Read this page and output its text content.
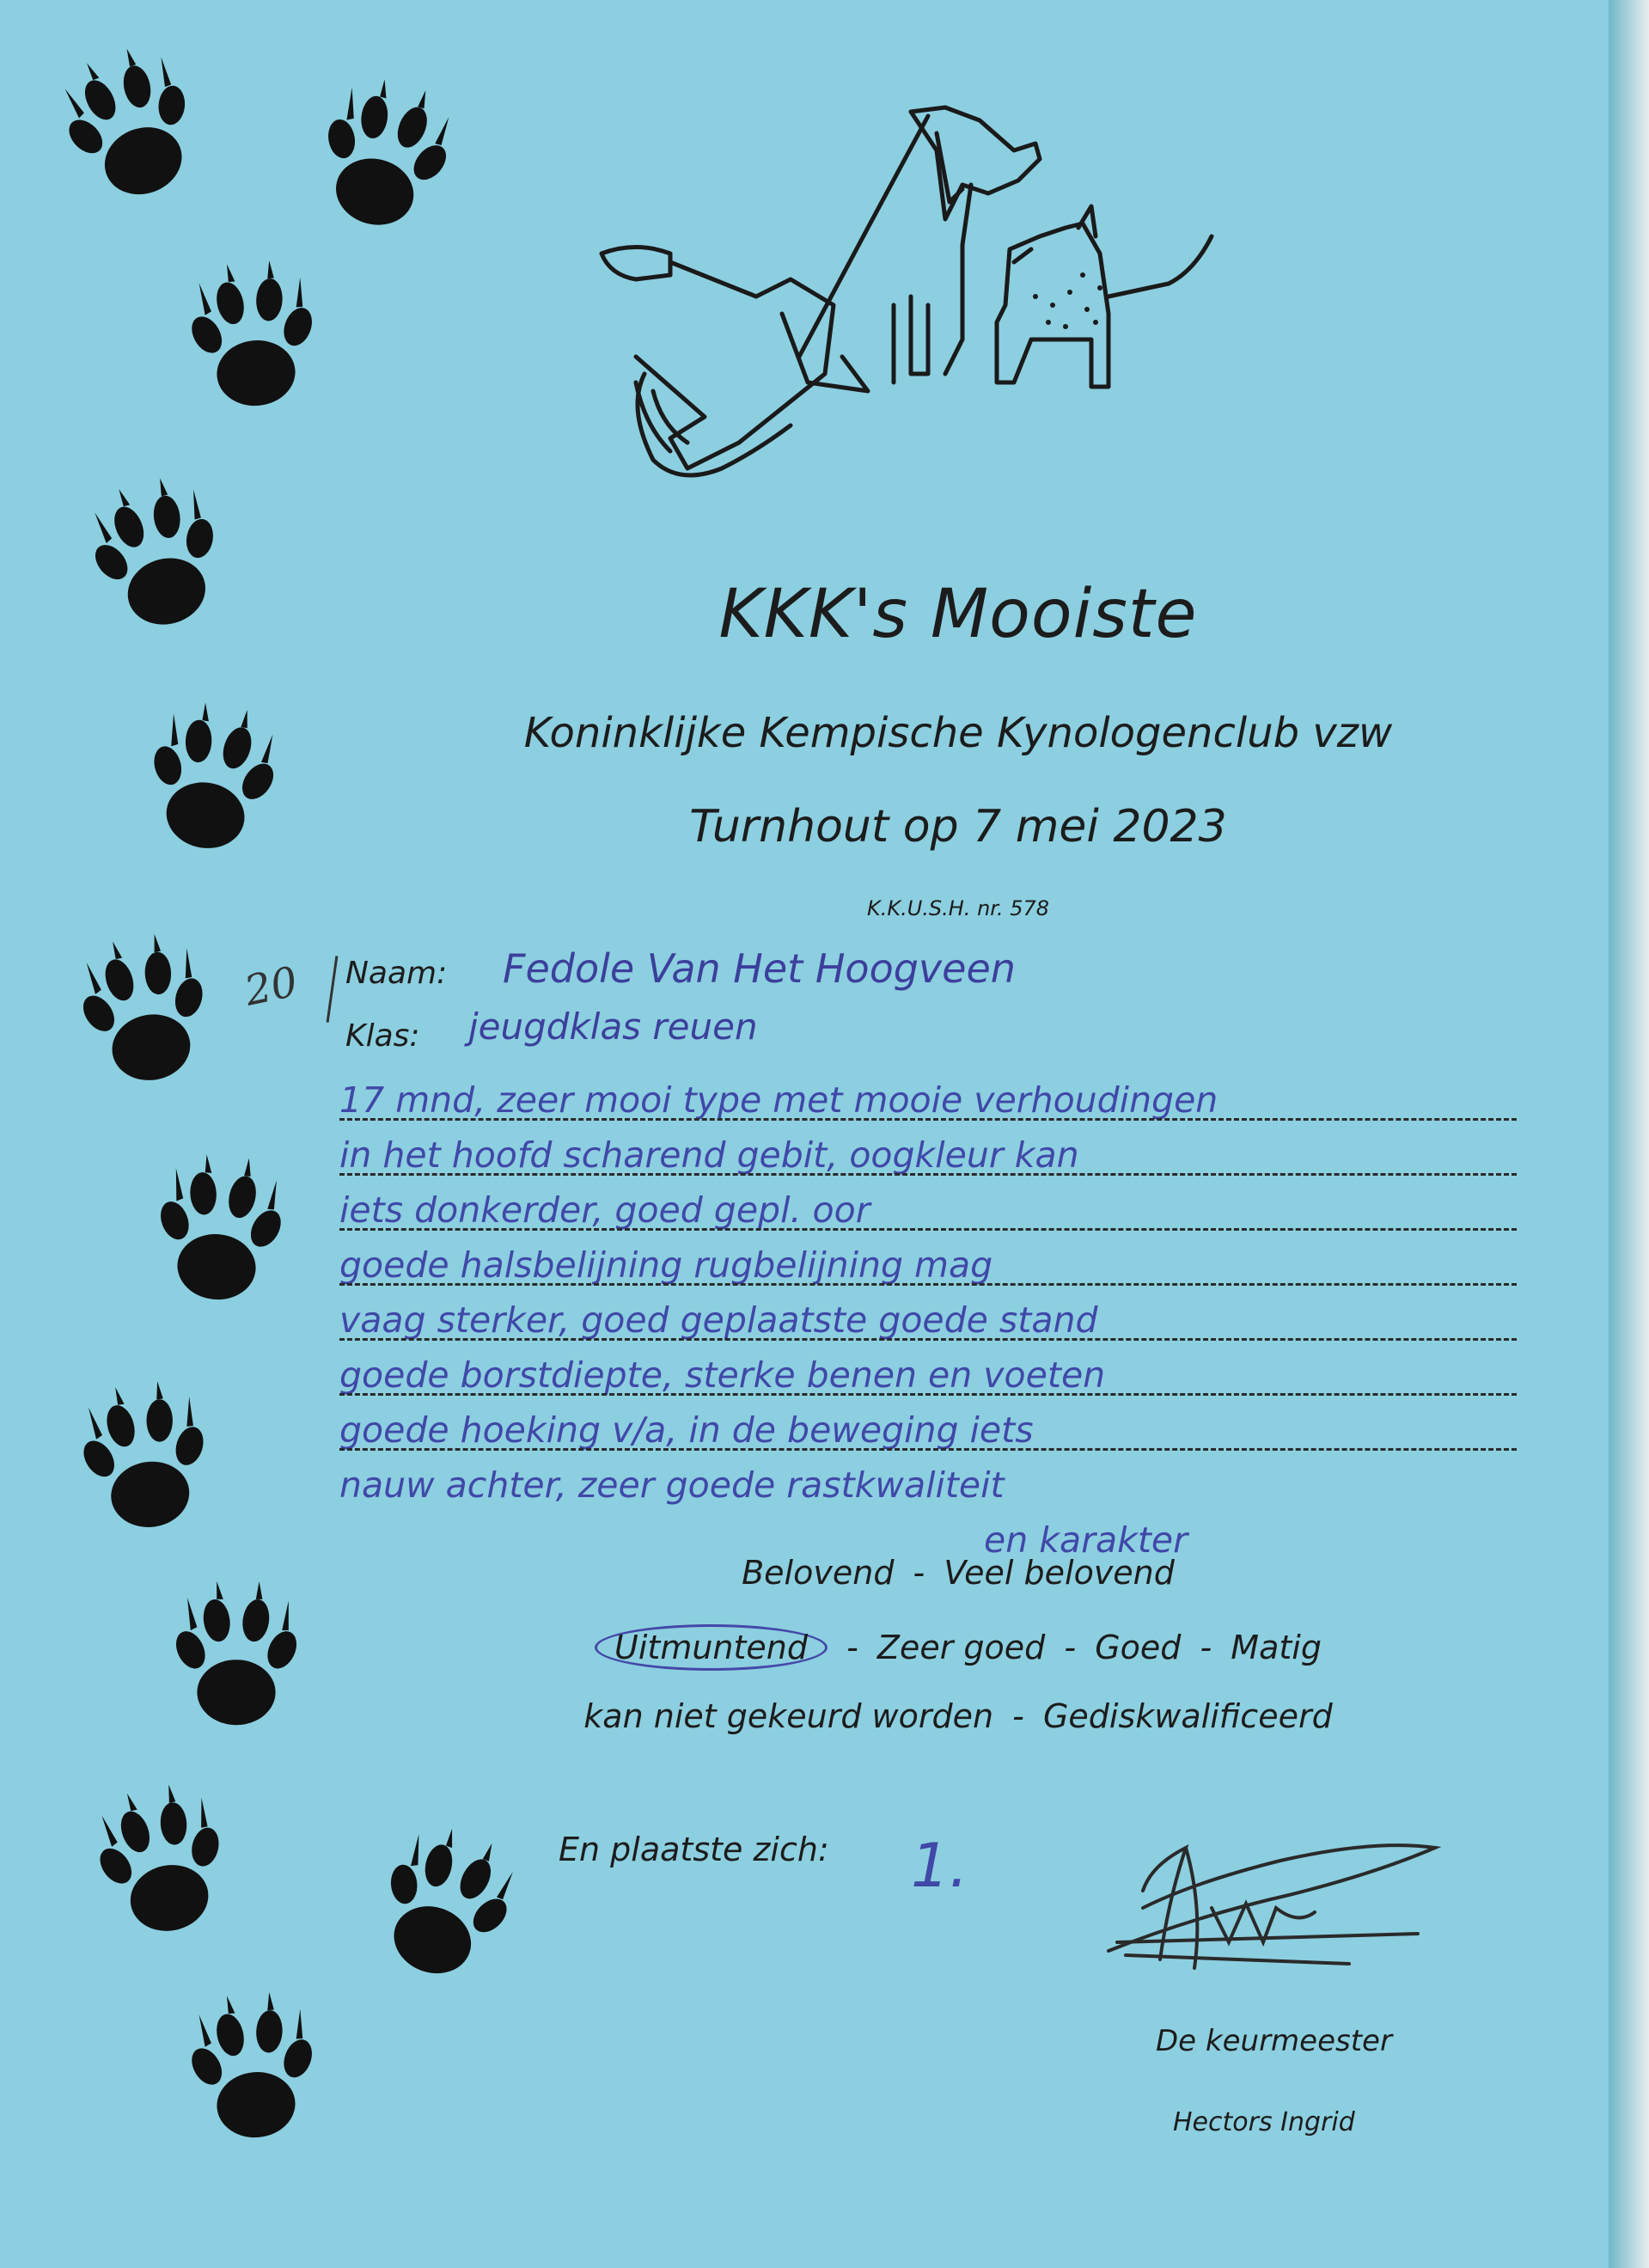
KKK's Mooiste
Koninklijke Kempische Kynologenclub vzw
Turnhout op 7 mei 2023
K.K.U.S.H. nr. 578
20 Naam: Fedole Van Het Hoogveen
Klas: jeugdklas reuen
17 mnd, zeer mooi type met mooie verhoudingen
in het hoofd scharend gebit, oogkleur kan
iets donkerder, goed gepl. oor
goede halsbelijning rugbelijning mag
vaag sterker, goed geplaatste goede stand
goede borstdiepte, sterke benen en voeten
goede hoeking v/a, in de beweging iets
nauw achter, zeer goede rastkwaliteit
en karakter
Belovend - Veel belovend
Uitmuntend - Zeer goed - Goed - Matig
kan niet gekeurd worden - Gediskwalificeerd
En plaatste zich: 1.
De keurmeester
Hectors Ingrid
